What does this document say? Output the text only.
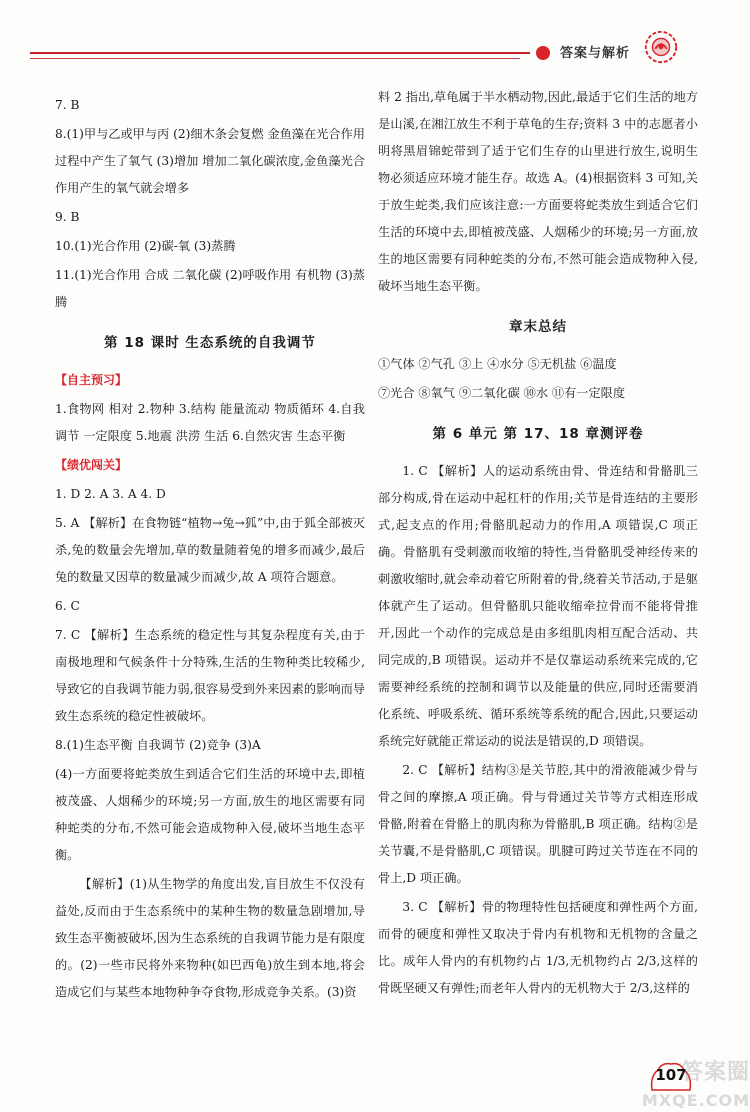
答案与解析

7. B

8.(1)甲与乙或甲与丙 (2)细木条会复燃 金鱼藻在光合作用过程中产生了氧气 (3)增加 增加二氧化碳浓度,金鱼藻光合作用产生的氧气就会增多

9. B

10.(1)光合作用 (2)碳-氧 (3)蒸腾

11.(1)光合作用 合成 二氧化碳 (2)呼吸作用 有机物 (3)蒸腾

第 18 课时 生态系统的自我调节

【自主预习】

1.食物网 相对 2.物种 3.结构 能量流动 物质循环 4.自我调节 一定限度 5.地震 洪涝 生活 6.自然灾害 生态平衡

【绩优闯关】

1. D 2. A 3. A 4. D

5. A 【解析】在食物链“植物→兔→狐”中,由于狐全部被灭杀,兔的数量会先增加,草的数量随着兔的增多而减少,最后兔的数量又因草的数量减少而减少,故 A 项符合题意。

6. C

7. C 【解析】生态系统的稳定性与其复杂程度有关,由于南极地理和气候条件十分特殊,生活的生物种类比较稀少,导致它的自我调节能力弱,很容易受到外来因素的影响而导致生态系统的稳定性被破坏。

8.(1)生态平衡 自我调节 (2)竞争 (3)A

(4)一方面要将蛇类放生到适合它们生活的环境中去,即植被茂盛、人烟稀少的环境;另一方面,放生的地区需要有同种蛇类的分布,不然可能会造成物种入侵,破坏当地生态平衡。

【解析】(1)从生物学的角度出发,盲目放生不仅没有益处,反而由于生态系统中的某种生物的数量急剧增加,导致生态平衡被破坏,因为生态系统的自我调节能力是有限度的。(2)一些市民将外来物种(如巴西龟)放生到本地,将会造成它们与某些本地物种争夺食物,形成竞争关系。(3)资

料 2 指出,草龟属于半水栖动物,因此,最适于它们生活的地方是山溪,在湘江放生不利于草龟的生存;资料 3 中的志愿者小明将黑眉锦蛇带到了适于它们生存的山里进行放生,说明生物必须适应环境才能生存。故选 A。(4)根据资料 3 可知,关于放生蛇类,我们应该注意:一方面要将蛇类放生到适合它们生活的环境中去,即植被茂盛、人烟稀少的环境;另一方面,放生的地区需要有同种蛇类的分布,不然可能会造成物种入侵,破坏当地生态平衡。

章末总结

①气体 ②气孔 ③上 ④水分 ⑤无机盐 ⑥温度

⑦光合 ⑧氧气 ⑨二氧化碳 ⑩水 ⑪有一定限度

第 6 单元 第 17、18 章测评卷

1. C 【解析】人的运动系统由骨、骨连结和骨骼肌三部分构成,骨在运动中起杠杆的作用;关节是骨连结的主要形式,起支点的作用;骨骼肌起动力的作用,A 项错误,C 项正确。骨骼肌有受刺激而收缩的特性,当骨骼肌受神经传来的刺激收缩时,就会牵动着它所附着的骨,绕着关节活动,于是躯体就产生了运动。但骨骼肌只能收缩牵拉骨而不能将骨推开,因此一个动作的完成总是由多组肌肉相互配合活动、共同完成的,B 项错误。运动并不是仅靠运动系统来完成的,它需要神经系统的控制和调节以及能量的供应,同时还需要消化系统、呼吸系统、循环系统等系统的配合,因此,只要运动系统完好就能正常运动的说法是错误的,D 项错误。

2. C 【解析】结构③是关节腔,其中的滑液能减少骨与骨之间的摩擦,A 项正确。骨与骨通过关节等方式相连形成骨骼,附着在骨骼上的肌肉称为骨骼肌,B 项正确。结构②是关节囊,不是骨骼肌,C 项错误。肌腱可跨过关节连在不同的骨上,D 项正确。

3. C 【解析】骨的物理特性包括硬度和弹性两个方面,而骨的硬度和弹性又取决于骨内有机物和无机物的含量之比。成年人骨内的有机物约占 1/3,无机物约占 2/3,这样的骨既坚硬又有弹性;而老年人骨内的无机物大于 2/3,这样的

107
答案圈
MXQE.COM
